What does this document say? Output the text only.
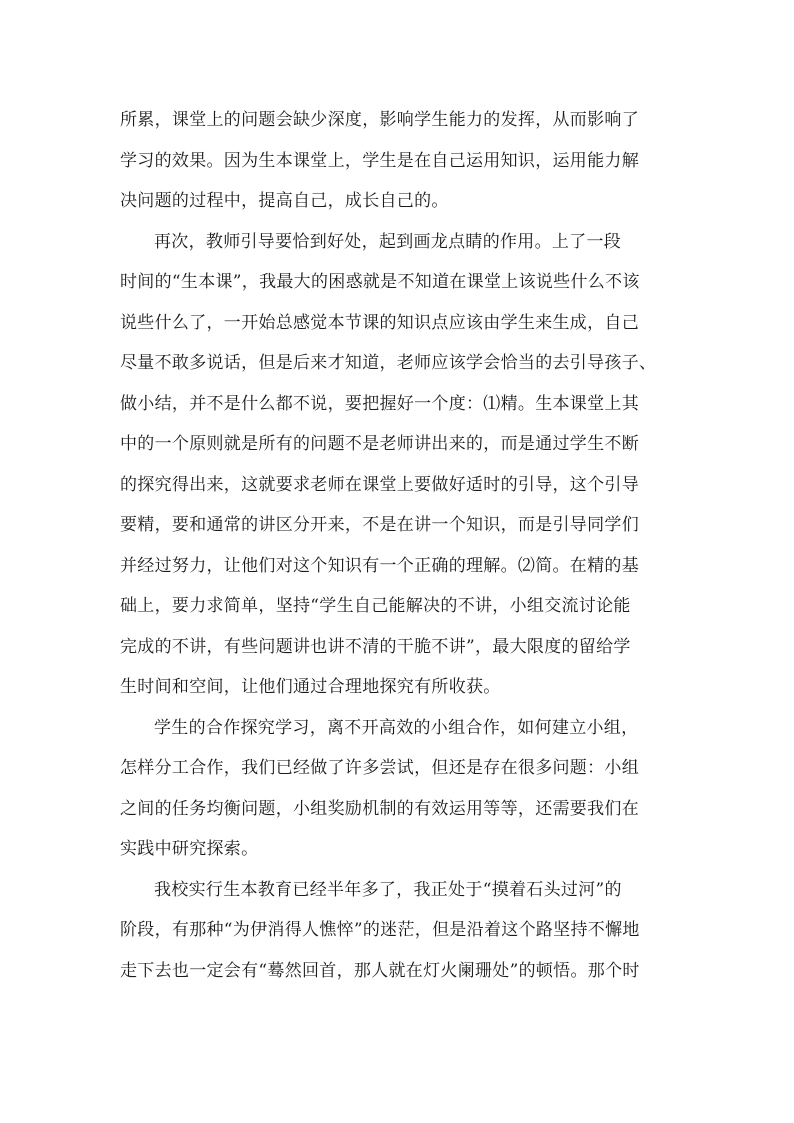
所累，课堂上的问题会缺少深度，影响学生能力的发挥，从而影响了
学习的效果。因为生本课堂上，学生是在自己运用知识，运用能力解
决问题的过程中，提高自己，成长自己的。
再次，教师引导要恰到好处，起到画龙点睛的作用。上了一段
时间的“生本课”，我最大的困惑就是不知道在课堂上该说些什么不该
说些什么了，一开始总感觉本节课的知识点应该由学生来生成，自己
尽量不敢多说话，但是后来才知道，老师应该学会恰当的去引导孩子、
做小结，并不是什么都不说，要把握好一个度：⑴精。生本课堂上其
中的一个原则就是所有的问题不是老师讲出来的，而是通过学生不断
的探究得出来，这就要求老师在课堂上要做好适时的引导，这个引导
要精，要和通常的讲区分开来，不是在讲一个知识，而是引导同学们
并经过努力，让他们对这个知识有一个正确的理解。⑵简。在精的基
础上，要力求简单，坚持“学生自己能解决的不讲，小组交流讨论能
完成的不讲，有些问题讲也讲不清的干脆不讲”，最大限度的留给学
生时间和空间，让他们通过合理地探究有所收获。
学生的合作探究学习，离不开高效的小组合作，如何建立小组，
怎样分工合作，我们已经做了许多尝试，但还是存在很多问题：小组
之间的任务均衡问题，小组奖励机制的有效运用等等，还需要我们在
实践中研究探索。
我校实行生本教育已经半年多了，我正处于“摸着石头过河”的
阶段，有那种“为伊消得人憔悴”的迷茫，但是沿着这个路坚持不懈地
走下去也一定会有“蓦然回首，那人就在灯火阑珊处”的顿悟。那个时
